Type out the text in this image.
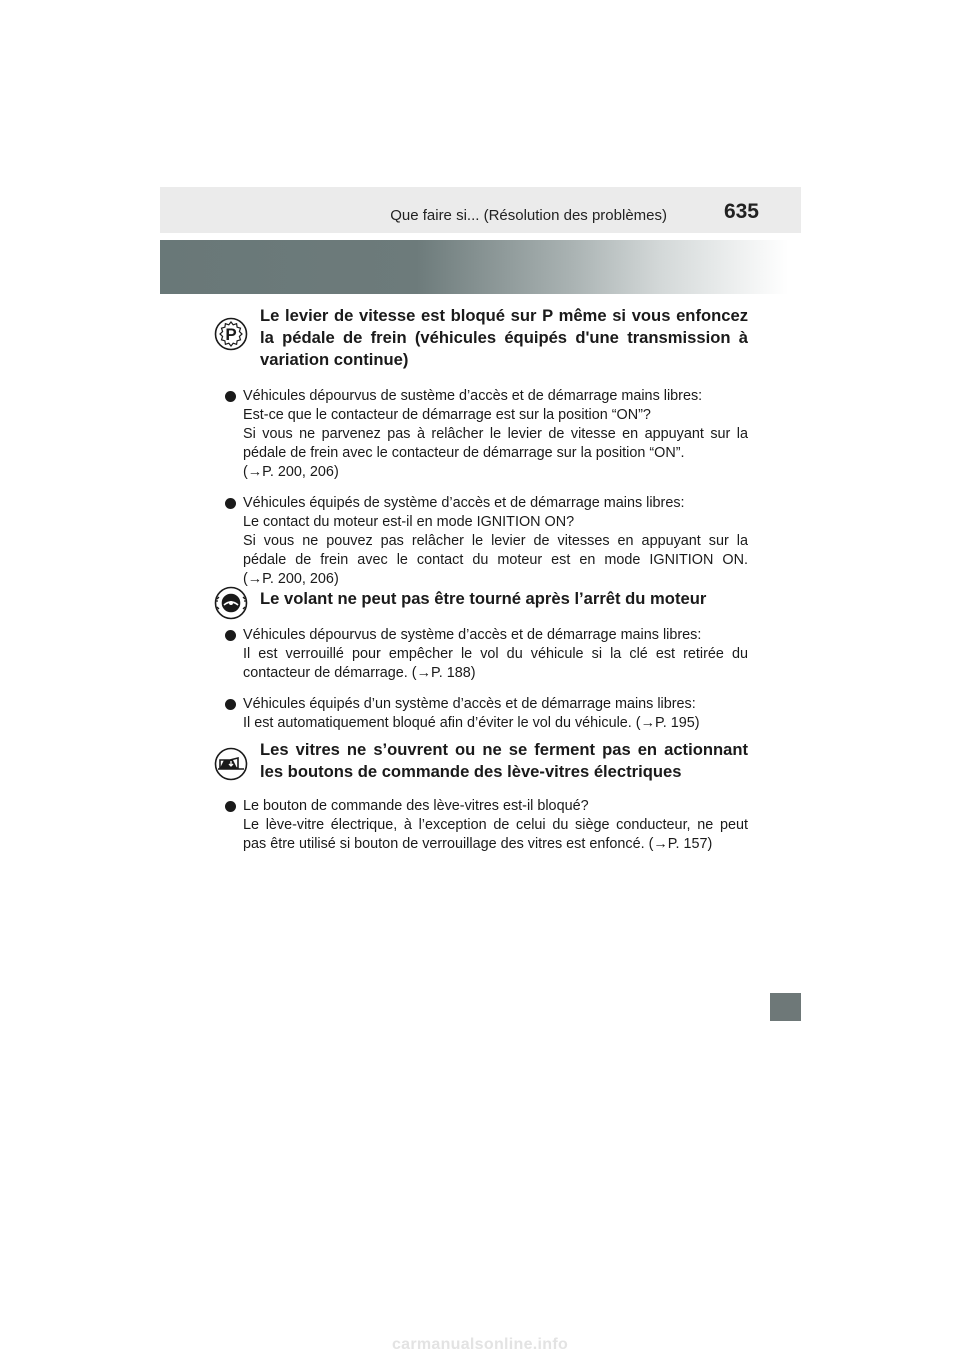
Que faire si... (Résolution des problèmes)	635
P
Le levier de vitesse est bloqué sur P même si vous enfoncez la pédale de frein (véhicules équipés d'une transmission à variation continue)
Véhicules dépourvus de sustème d’accès et de démarrage mains libres:
Est-ce que le contacteur de démarrage est sur la position “ON”?
Si vous ne parvenez pas à relâcher le levier de vitesse en appuyant sur la
pédale de frein avec le contacteur de démarrage sur la position “ON”.
(→P. 200, 206)
Véhicules équipés de système d’accès et de démarrage mains libres:
Le contact du moteur est-il en mode IGNITION ON?
Si vous ne pouvez pas relâcher le levier de vitesses en appuyant sur la
pédale de frein avec le contact du moteur est en mode IGNITION ON.
(→P. 200, 206)
Le volant ne peut pas être tourné après l’arrêt du moteur
Véhicules dépourvus de système d’accès et de démarrage mains libres:
Il est verrouillé pour empêcher le vol du véhicule si la clé est retirée du
contacteur de démarrage. (→P. 188)
Véhicules équipés d’un système d’accès et de démarrage mains libres:
Il est automatiquement bloqué afin d’éviter le vol du véhicule. (→P. 195)
Les vitres ne s’ouvrent ou ne se ferment pas en actionnant les boutons de commande des lève-vitres électriques
Le bouton de commande des lève-vitres est-il bloqué?
Le lève-vitre électrique, à l’exception de celui du siège conducteur, ne peut
pas être utilisé si bouton de verrouillage des vitres est enfoncé. (→P. 157)
carmanualsonline.info
